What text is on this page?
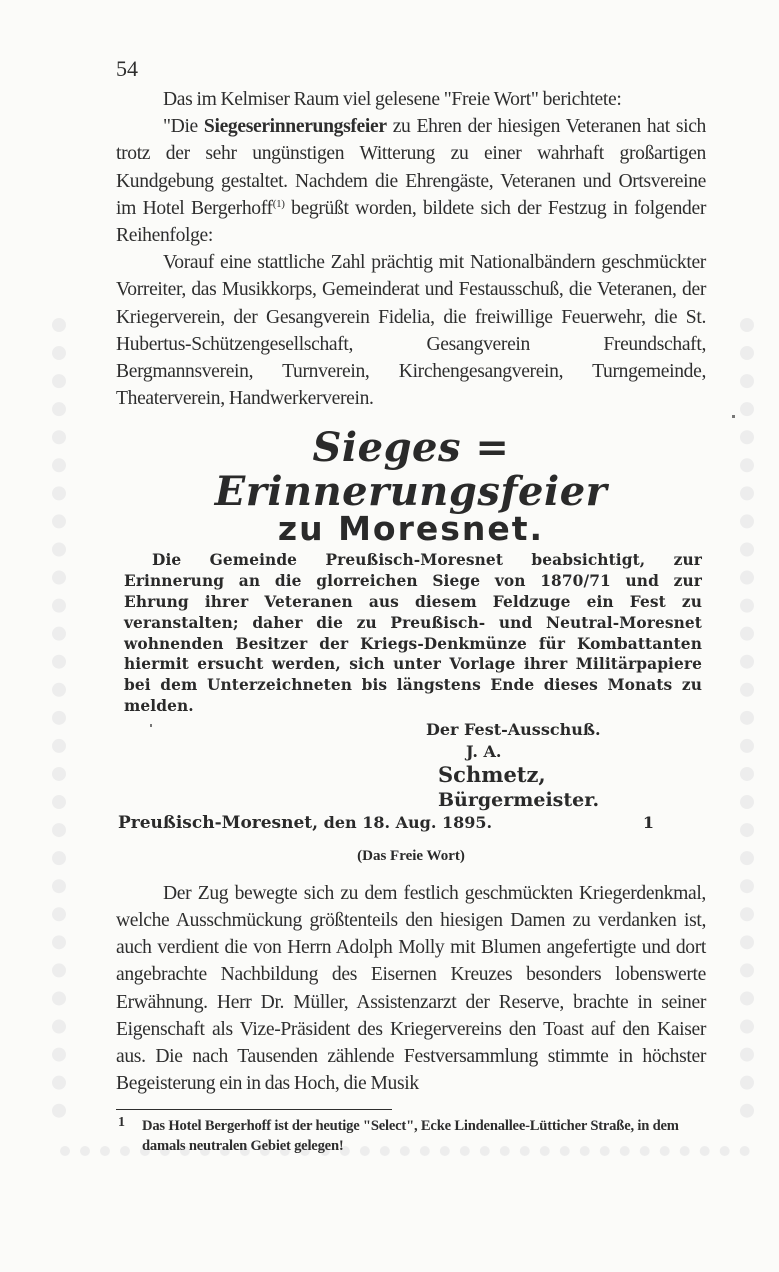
54

Das im Kelmiser Raum viel gelesene "Freie Wort" berichtete:

"Die Siegeserinnerungsfeier zu Ehren der hiesigen Veteranen hat sich trotz der sehr ungünstigen Witterung zu einer wahrhaft großartigen Kundgebung gestaltet. Nachdem die Ehrengäste, Veteranen und Ortsvereine im Hotel Bergerhoff$^{(1)}$ begrüßt worden, bildete sich der Festzug in folgender Reihenfolge:

Vorauf eine stattliche Zahl prächtig mit Nationalbändern geschmückter Vorreiter, das Musikkorps, Gemeinderat und Festausschuß, die Veteranen, der Kriegerverein, der Gesangverein Fidelia, die freiwillige Feuerwehr, die St. Hubertus-Schützengesellschaft, Gesangverein Freundschaft, Bergmannsverein, Turnverein, Kirchengesangverein, Turngemeinde, Theaterverein, Handwerkerverein.

Sieges = Erinnerungsfeier
zu Moresnet.

Die Gemeinde Preußisch-Moresnet beabsichtigt, zur Erinnerung an die glorreichen Siege von 1870/71 und zur Ehrung ihrer Veteranen aus diesem Feldzuge ein Fest zu veranstalten; daher die zu Preußisch- und Neutral-Moresnet wohnenden Besitzer der Kriegs-Denkmünze für Kombattanten hiermit ersucht werden, sich unter Vorlage ihrer Militärpapiere bei dem Unterzeichneten bis längstens Ende dieses Monats zu melden.

Der Fest-Ausschuß.
J. A.
Schmetz, Bürgermeister.
Preußisch-Moresnet, den 18. Aug. 1895.	1
(Das Freie Wort)

Der Zug bewegte sich zu dem festlich geschmückten Kriegerdenkmal, welche Ausschmückung größtenteils den hiesigen Damen zu verdanken ist, auch verdient die von Herrn Adolph Molly mit Blumen angefertigte und dort angebrachte Nachbildung des Eisernen Kreuzes besonders lobenswerte Erwähnung. Herr Dr. Müller, Assistenzarzt der Reserve, brachte in seiner Eigenschaft als Vize-Präsident des Kriegervereins den Toast auf den Kaiser aus. Die nach Tausenden zählende Festversammlung stimmte in höchster Begeisterung ein in das Hoch, die Musik

1 Das Hotel Bergerhoff ist der heutige "Select", Ecke Lindenallee-Lütticher Straße, in dem damals neutralen Gebiet gelegen!
